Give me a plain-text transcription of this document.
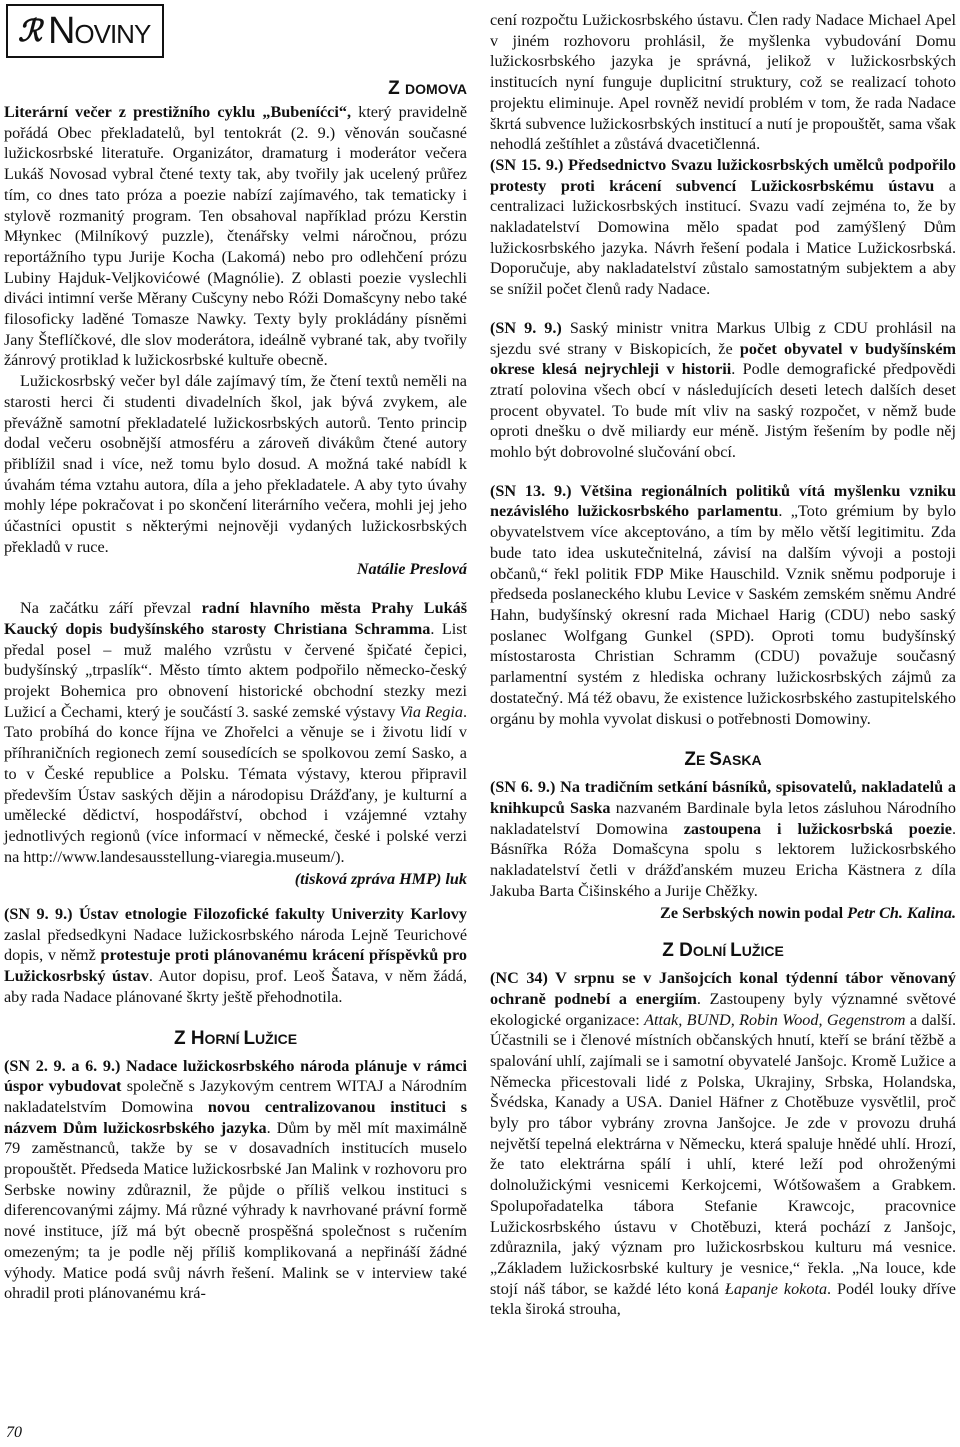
ℛ NOVINY
Z DOMOVA

Literární večer z prestižního cyklu „Bubeníćci“, který pravidelně pořádá Obec překladatelů, byl tentokrát (2. 9.) věnován současné lužickosrbské literatuře. Organizátor, dramaturg i moderátor večera Lukáš Novosad vybral čtené texty tak, aby tvořily jak ucelený průřez tím, co dnes tato próza a poezie nabízí zajímavého, tak tematicky i stylově rozmanitý program. Ten obsahoval například prózu Kerstin Młynkec (Milníkový puzzle), čtenářsky velmi náročnou, prózu reportážního typu Jurije Kocha (Lakomá) nebo pro odlehčení prózu Lubiny Hajduk-Veljkovićowé (Magnólie). Z oblasti poezie vyslechli diváci intimní verše Měrany Cušcyny nebo Róži Domašcyny nebo také filosoficky laděné Tomasze Nawky. Texty byly prokládány písněmi Jany Šteflíčkové, dle slov moderátora, ideálně vybrané tak, aby tvořily žánrový protiklad k lužickosrbské kultuře obecně.

Lužickosrbský večer byl dále zajímavý tím, že čtení textů neměli na starosti herci či studenti divadelních škol, jak bývá zvykem, ale převážně samotní překladatelé lužickosrbských autorů. Tento princip dodal večeru osobnější atmosféru a zároveň divákům čtené autory přiblížil snad i více, než tomu bylo dosud. A možná také nabídl k úvahám téma vztahu autora, díla a jeho překladatele. A aby tyto úvahy mohly lépe pokračovat i po skončení literárního večera, mohli jej jeho účastníci opustit s některými nejnověji vydaných lužickosrbských překladů v ruce.

Natálie Preslová

Na začátku září převzal radní hlavního města Prahy Lukáš Kaucký dopis budyšínského starosty Christiana Schramma. List předal posel – muž malého vzrůstu v červené špičaté čepici, budyšínský „trpaslík“. Město tímto aktem podpořilo německo-český projekt Bohemica pro obnovení historické obchodní stezky mezi Lužicí a Čechami, který je součástí 3. saské zemské výstavy Via Regia. Tato probíhá do konce října ve Zhořelci a věnuje se i životu lidí v příhraničních regionech zemí sousedících se spolkovou zemí Sasko, a to v České republice a Polsku. Témata výstavy, kterou připravil především Ústav saských dějin a národopisu Drážďany, je kulturní a umělecké dědictví, hospodářství, obchod i vzájemné vztahy jednotlivých regionů (více informací v německé, české i polské verzi na http://www.landesausstellung-viaregia.museum/).

(tisková zpráva HMP) luk

(SN 9. 9.) Ústav etnologie Filozofické fakulty Univerzity Karlovy zaslal předsedkyni Nadace lužickosrbského národa Lejně Teurichové dopis, v němž protestuje proti plánovanému krácení příspěvků pro Lužickosrbský ústav. Autor dopisu, prof. Leoš Šatava, v něm žádá, aby rada Nadace plánované škrty ještě přehodnotila.

Z HORNÍ LUŽICE

(SN 2. 9. a 6. 9.) Nadace lužickosrbského národa plánuje v rámci úspor vybudovat společně s Jazykovým centrem WITAJ a Národním nakladatelstvím Domowina novou centralizovanou instituci s názvem Dům lužickosrbského jazyka. Dům by měl mít maximálně 79 zaměstnanců, takže by se v dosavadních institucích muselo propouštět. Předseda Matice lužickosrbské Jan Malink v rozhovoru pro Serbske nowiny zdůraznil, že půjde o příliš velkou instituci s diferencovanými zájmy. Má různé výhrady k navrhované právní formě nové instituce, jíž má být obecně prospěšná společnost s ručením omezeným; ta je podle něj příliš komplikovaná a nepřináší žádné výhody. Matice podá svůj návrh řešení. Malink se v interview také ohradil proti plánovanému krá-

cení rozpočtu Lužickosrbského ústavu. Člen rady Nadace Michael Apel v jiném rozhovoru prohlásil, že myšlenka vybudování Domu lužickosrbského jazyka je správná, jelikož v lužickosrbských institucích nyní funguje duplicitní struktury, což se realizací tohoto projektu eliminuje. Apel rovněž nevidí problém v tom, že rada Nadace škrtá subvence lužickosrbských institucí a nutí je propouštět, sama však nehodlá zeštíhlet a zůstává dvacetičlenná.

(SN 15. 9.) Předsednictvo Svazu lužickosrbských umělců podpořilo protesty proti krácení subvencí Lužickosrbskému ústavu a centralizaci lužickosrbských institucí. Svazu vadí zejména to, že by nakladatelství Domowina mělo spadat pod zamýšlený Dům lužickosrbského jazyka. Návrh řešení podala i Matice Lužickosrbská. Doporučuje, aby nakladatelství zůstalo samostatným subjektem a aby se snížil počet členů rady Nadace.

(SN 9. 9.) Saský ministr vnitra Markus Ulbig z CDU prohlásil na sjezdu své strany v Biskopicích, že počet obyvatel v budyšínském okrese klesá nejrychleji v historii. Podle demografické předpovědi ztratí polovina všech obcí v následujících deseti letech dalších deset procent obyvatel. To bude mít vliv na saský rozpočet, v němž bude oproti dnešku o dvě miliardy eur méně. Jistým řešením by podle něj mohlo být dobrovolné slučování obcí.

(SN 13. 9.) Většina regionálních politiků vítá myšlenku vzniku nezávislého lužickosrbského parlamentu. „Toto grémium by bylo obyvatelstvem více akceptováno, a tím by mělo větší legitimitu. Zda bude tato idea uskutečnitelná, závisí na dalším vývoji a postoji občanů,“ řekl politik FDP Mike Hauschild. Vznik sněmu podporuje i předseda poslaneckého klubu Levice v Saském zemském sněmu André Hahn, budyšínský okresní rada Michael Harig (CDU) nebo saský poslanec Wolfgang Gunkel (SPD). Oproti tomu budyšínský místostarosta Christian Schramm (CDU) považuje současný parlamentní systém z hlediska ochrany lužickosrbských zájmů za dostatečný. Má též obavu, že existence lužickosrbského zastupitelského orgánu by mohla vyvolat diskusi o potřebnosti Domowiny.

ZE SASKA

(SN 6. 9.) Na tradičním setkání básníků, spisovatelů, nakladatelů a knihkupců Saska nazvaném Bardinale byla letos zásluhou Národního nakladatelství Domowina zastoupena i lužickosrbská poezie. Básnířka Róža Domašcyna spolu s lektorem lužickosrbského nakladatelství četli v drážďanském muzeu Ericha Kästnera z díla Jakuba Barta Čišinského a Jurije Chěžky.

Ze Serbských nowin podal Petr Ch. Kalina.
Z DOLNÍ LUŽICE

(NC 34) V srpnu se v Janšojcích konal týdenní tábor věnovaný ochraně podnebí a energiím. Zastoupeny byly významné světové ekologické organizace: Attak, BUND, Robin Wood, Gegenstrom a další. Účastnili se i členové místních občanských hnutí, kteří se brání těžbě a spalování uhlí, zajímali se i samotní obyvatelé Janšojc. Kromě Lužice a Německa přicestovali lidé z Polska, Ukrajiny, Srbska, Holandska, Švédska, Kanady a USA. Daniel Häfner z Chotěbuze vysvětlil, proč byly pro tábor vybrány zrovna Janšojce. Je zde v provozu druhá největší tepelná elektrárna v Německu, která spaluje hnědé uhlí. Hrozí, že tato elektrárna spálí i uhlí, které leží pod ohroženými dolnolužickými vesnicemi Kerkojcemi, Wótšowašem a Grabkem. Spolupořadatelka tábora Stefanie Krawcojc, pracovnice Lužickosrbského ústavu v Chotěbuzi, která pochází z Janšojc, zdůraznila, jaký význam pro lužickosrbskou kulturu má vesnice. „Základem lužickosrbské kultury je vesnice,“ řekla. „Na louce, kde stojí náš tábor, se každé léto koná Łapanje kokota. Podél louky dříve tekla široká strouha,

70
